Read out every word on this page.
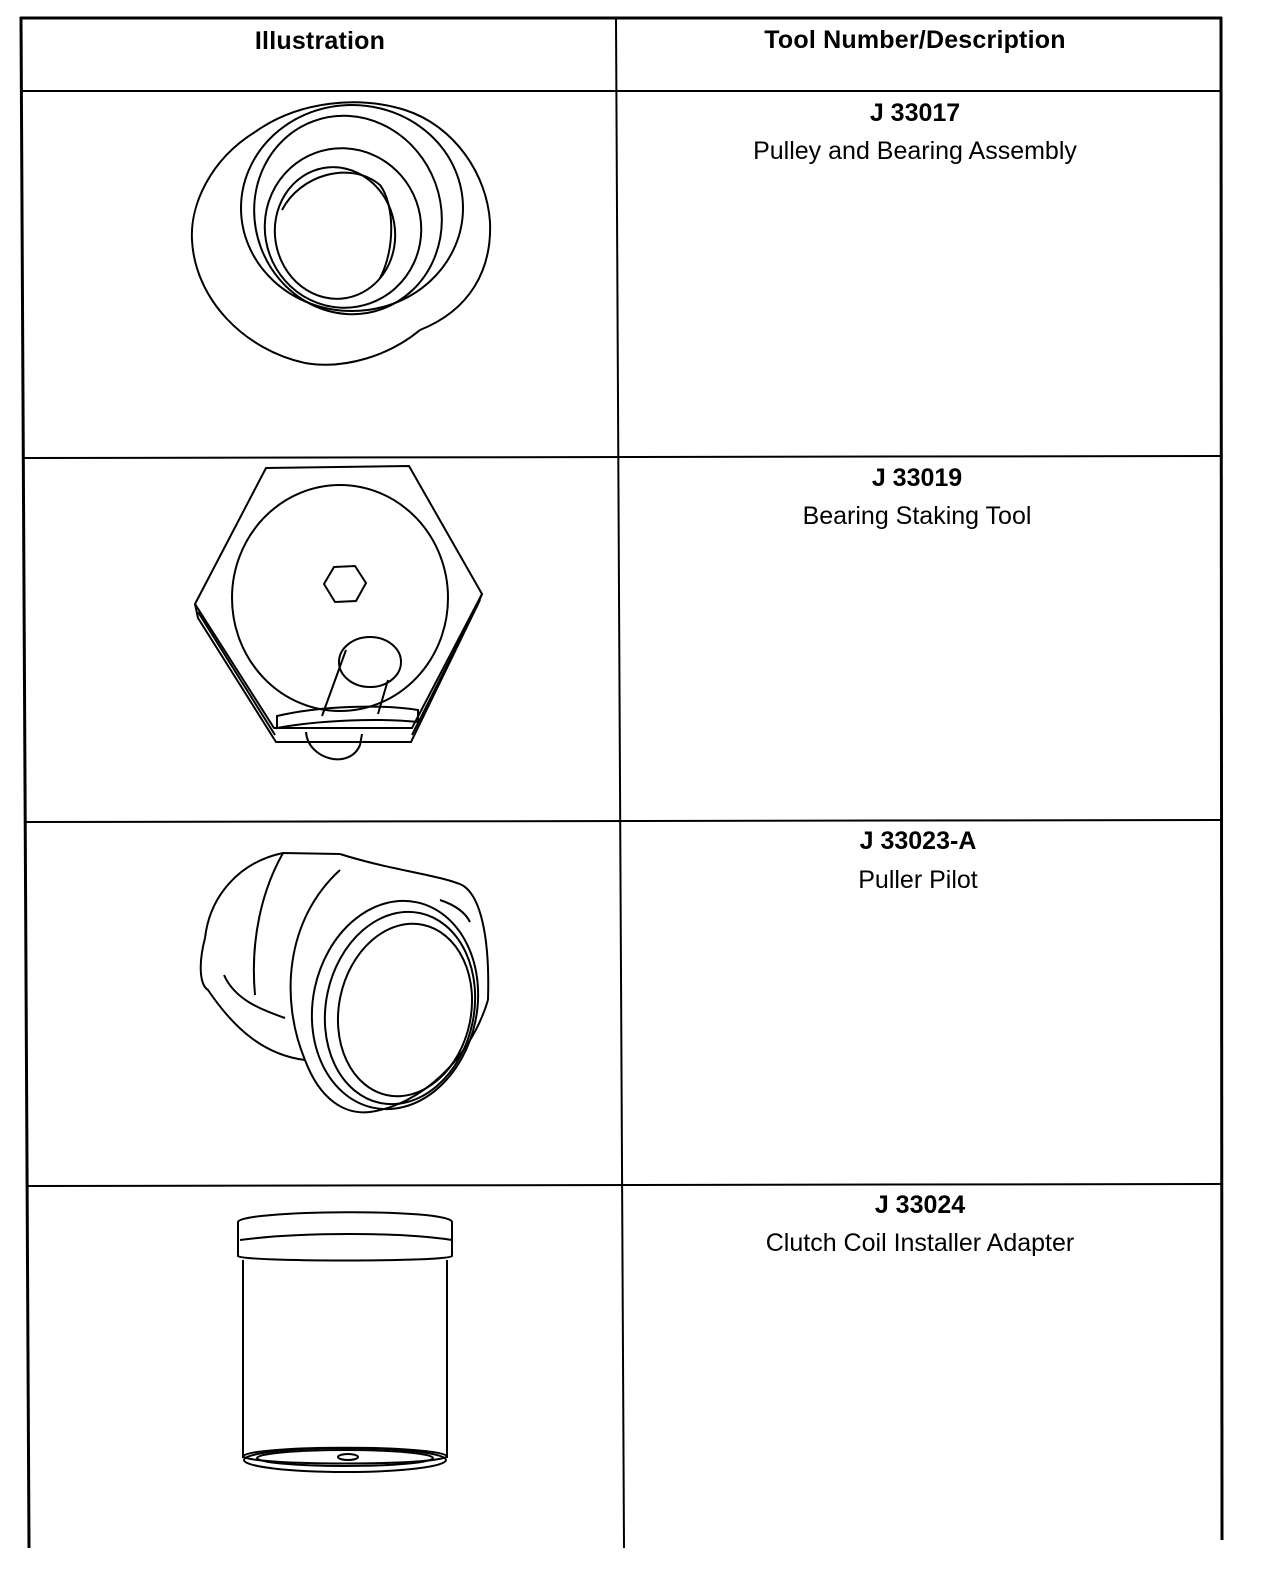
Illustration	Tool Number/Description
J 33017
Pulley and Bearing Assembly
J 33019
Bearing Staking Tool
J 33023-A
Puller Pilot
J 33024
Clutch Coil Installer Adapter
